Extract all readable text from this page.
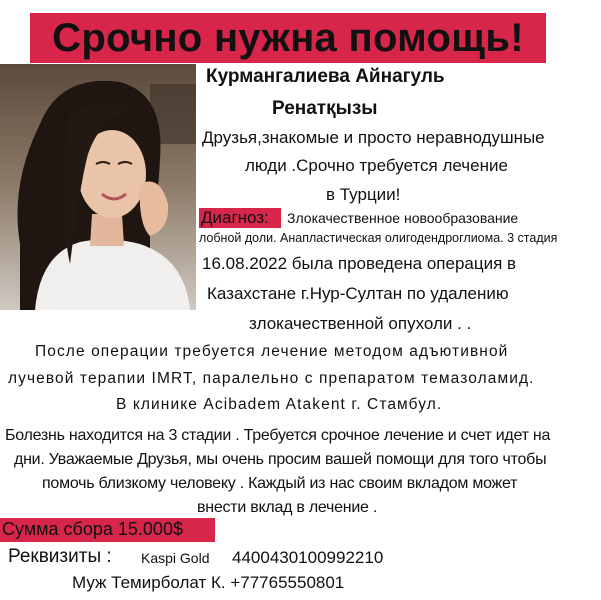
Срочно нужна помощь!
Курмангалиева Айнагуль
Ренатқызы
Друзья,знакомые и просто неравнодушные
люди .Срочно требуется лечение
в Турции!
Диагноз: Злокачественное новообразование
лобной доли. Анапластическая олигодендроглиома. 3 стадия
16.08.2022 была проведена операция в
Казахстане г.Нур-Султан по удалению
злокачественной опухоли . .
После операции требуется лечение методом адъютивной
лучевой терапии IMRT, паралельно с препаратом темазоламид.
В клинике Acibadem Atakent г. Стамбул.
Болезнь находится на 3 стадии . Требуется срочное лечение и счет идет на
дни. Уважаемые Друзья, мы очень просим вашей помощи для того чтобы
помочь близкому человеку . Каждый из нас своим вкладом может
внести вклад в лечение .
Сумма сбора 15.000$
Реквизиты : Kaspi Gold 4400430100992210
Муж Темирболат К. +77765550801
